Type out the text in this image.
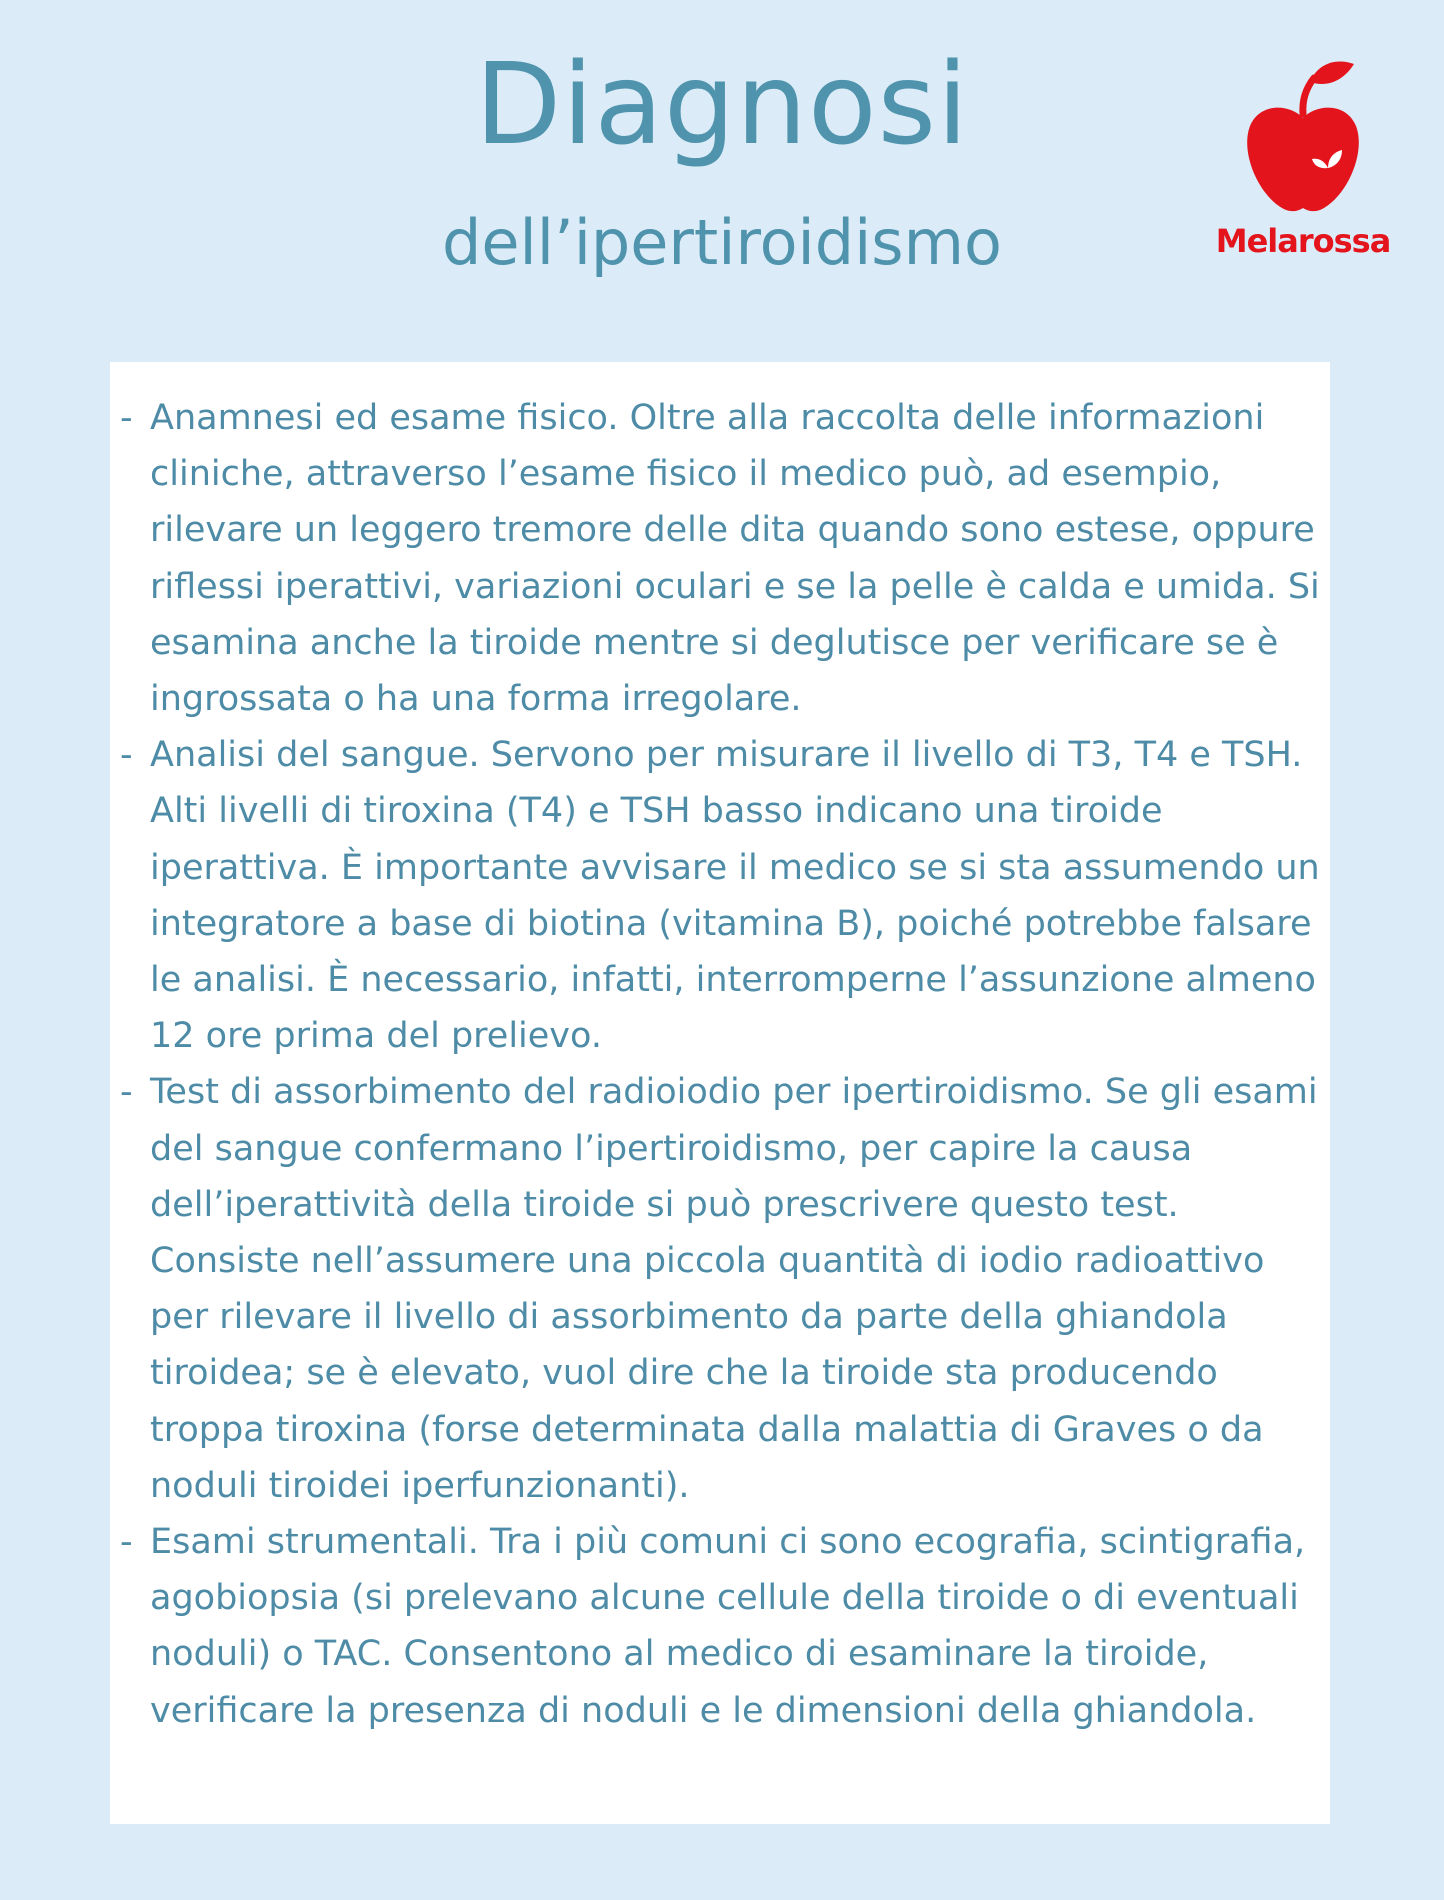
Diagnosi
dell’ipertiroidismo	Melarossa
- Anamnesi ed esame fisico. Oltre alla raccolta delle informazioni cliniche, attraverso l’esame fisico il medico può, ad esempio, rilevare un leggero tremore delle dita quando sono estese, oppure riflessi iperattivi, variazioni oculari e se la pelle è calda e umida. Si esamina anche la tiroide mentre si deglutisce per verificare se è ingrossata o ha una forma irregolare.
- Analisi del sangue. Servono per misurare il livello di T3, T4 e TSH. Alti livelli di tiroxina (T4) e TSH basso indicano una tiroide iperattiva. È importante avvisare il medico se si sta assumendo un integratore a base di biotina (vitamina B), poiché potrebbe falsare le analisi. È necessario, infatti, interromperne l’assunzione almeno 12 ore prima del prelievo.
- Test di assorbimento del radioiodio per ipertiroidismo. Se gli esami del sangue confermano l’ipertiroidismo, per capire la causa dell’iperattività della tiroide si può prescrivere questo test. Consiste nell’assumere una piccola quantità di iodio radioattivo per rilevare il livello di assorbimento da parte della ghiandola tiroidea; se è elevato, vuol dire che la tiroide sta producendo troppa tiroxina (forse determinata dalla malattia di Graves o da noduli tiroidei iperfunzionanti).
- Esami strumentali. Tra i più comuni ci sono ecografia, scintigrafia, agobiopsia (si prelevano alcune cellule della tiroide o di eventuali noduli) o TAC. Consentono al medico di esaminare la tiroide, verificare la presenza di noduli e le dimensioni della ghiandola.
